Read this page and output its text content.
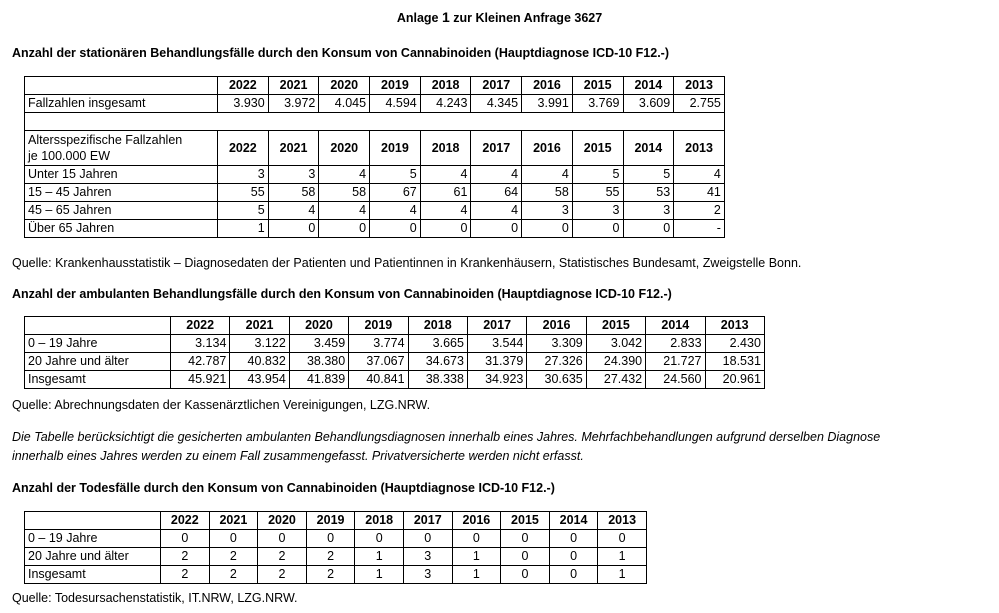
Anlage 1 zur Kleinen Anfrage 3627
Anzahl der stationären Behandlungsfälle durch den Konsum von Cannabinoiden (Hauptdiagnose ICD-10 F12.-)
	2022	2021	2020	2019	2018	2017	2016	2015	2014	2013
Fallzahlen insgesamt	3.930	3.972	4.045	4.594	4.243	4.345	3.991	3.769	3.609	2.755

Altersspezifische Fallzahlen
je 100.000 EW	2022	2021	2020	2019	2018	2017	2016	2015	2014	2013
Unter 15 Jahren	3	3	4	5	4	4	4	5	5	4
15 – 45 Jahren	55	58	58	67	61	64	58	55	53	41
45 – 65 Jahren	5	4	4	4	4	4	3	3	3	2
Über 65 Jahren	1	0	0	0	0	0	0	0	0	-
Quelle: Krankenhausstatistik – Diagnosedaten der Patienten und Patientinnen in Krankenhäusern, Statistisches Bundesamt, Zweigstelle Bonn.
Anzahl der ambulanten Behandlungsfälle durch den Konsum von Cannabinoiden (Hauptdiagnose ICD-10 F12.-)
	2022	2021	2020	2019	2018	2017	2016	2015	2014	2013
0 – 19 Jahre	3.134	3.122	3.459	3.774	3.665	3.544	3.309	3.042	2.833	2.430
20 Jahre und älter	42.787	40.832	38.380	37.067	34.673	31.379	27.326	24.390	21.727	18.531
Insgesamt	45.921	43.954	41.839	40.841	38.338	34.923	30.635	27.432	24.560	20.961
Quelle: Abrechnungsdaten der Kassenärztlichen Vereinigungen, LZG.NRW.
Die Tabelle berücksichtigt die gesicherten ambulanten Behandlungsdiagnosen innerhalb eines Jahres. Mehrfachbehandlungen aufgrund derselben Diagnose
innerhalb eines Jahres werden zu einem Fall zusammengefasst. Privatversicherte werden nicht erfasst.
Anzahl der Todesfälle durch den Konsum von Cannabinoiden (Hauptdiagnose ICD-10 F12.-)
	2022	2021	2020	2019	2018	2017	2016	2015	2014	2013
0 – 19 Jahre	0	0	0	0	0	0	0	0	0	0
20 Jahre und älter	2	2	2	2	1	3	1	0	0	1
Insgesamt	2	2	2	2	1	3	1	0	0	1
Quelle: Todesursachenstatistik, IT.NRW, LZG.NRW.
